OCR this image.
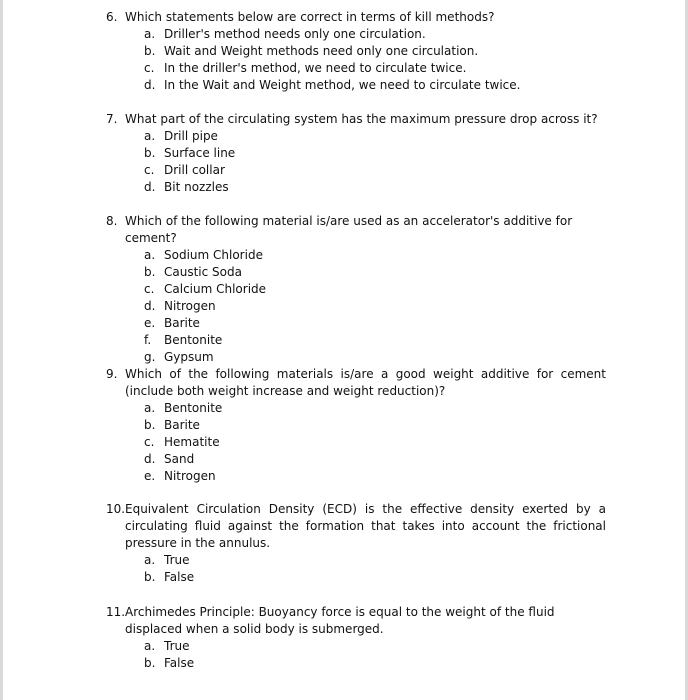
6. Which statements below are correct in terms of kill methods?
a. Driller's method needs only one circulation.
b. Wait and Weight methods need only one circulation.
c. In the driller's method, we need to circulate twice.
d. In the Wait and Weight method, we need to circulate twice.
7. What part of the circulating system has the maximum pressure drop across it?
a. Drill pipe
b. Surface line
c. Drill collar
d. Bit nozzles
8. Which of the following material is/are used as an accelerator's additive for cement?
a. Sodium Chloride
b. Caustic Soda
c. Calcium Chloride
d. Nitrogen
e. Barite
f.	Bentonite
g. Gypsum
9. Which of the following materials is/are a good weight additive for cement (include both weight increase and weight reduction)?
a. Bentonite
b. Barite
c. Hematite
d. Sand
e. Nitrogen
10. Equivalent Circulation Density (ECD) is the effective density exerted by a circulating fluid against the formation that takes into account the frictional pressure in the annulus.
a. True
b. False
11. Archimedes Principle: Buoyancy force is equal to the weight of the fluid displaced when a solid body is submerged.
a. True
b. False
